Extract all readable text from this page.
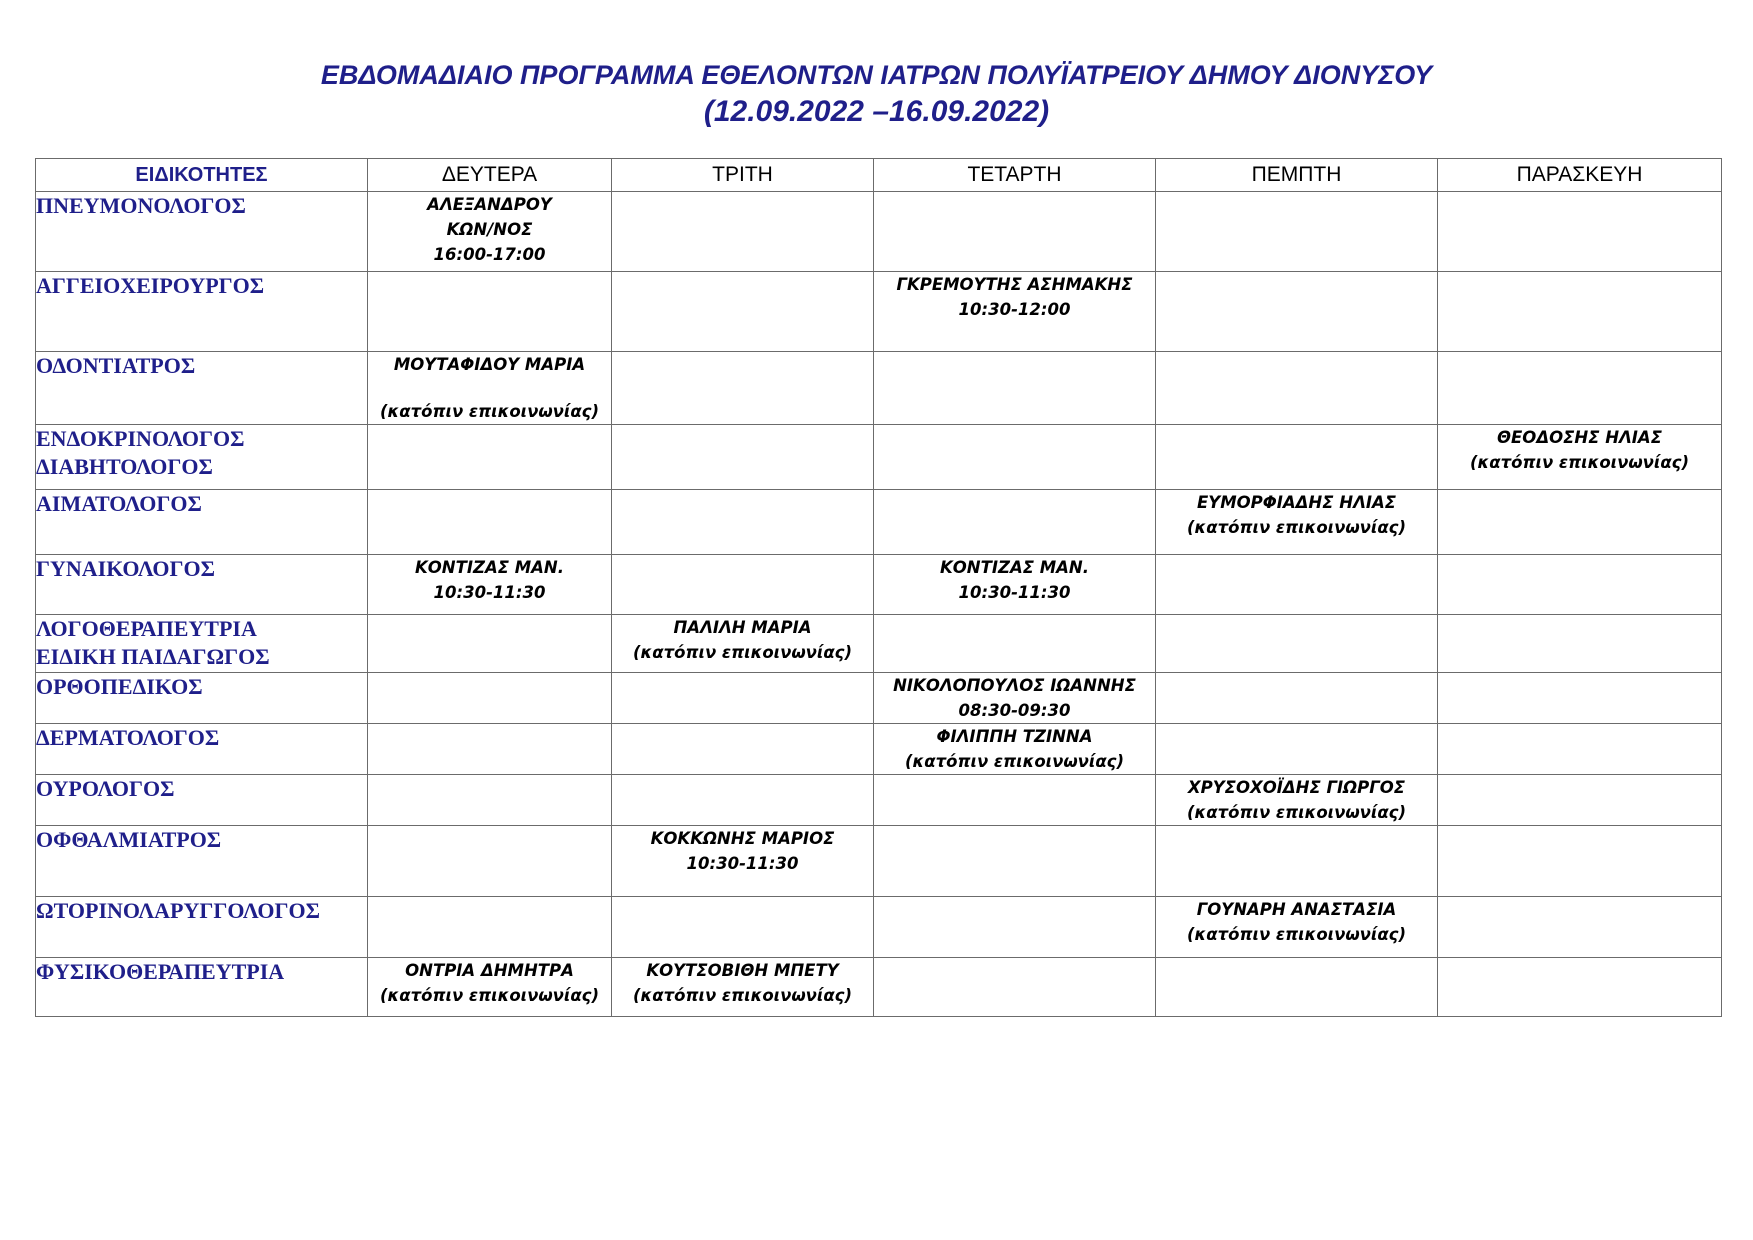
ΕΒΔΟΜΑΔΙΑΙΟ ΠΡΟΓΡΑΜΜΑ ΕΘΕΛΟΝΤΩΝ ΙΑΤΡΩΝ ΠΟΛΥΪΑΤΡΕΙΟΥ ΔΗΜΟΥ ΔΙΟΝΥΣΟΥ
(12.09.2022 –16.09.2022)
ΕΙΔΙΚΟΤΗΤΕΣ	ΔΕΥΤΕΡΑ	ΤΡΙΤΗ	ΤΕΤΑΡΤΗ	ΠΕΜΠΤΗ	ΠΑΡΑΣΚΕΥΗ

ΠΝΕΥΜΟΝΟΛΟΓΟΣ	ΑΛΕΞΑΝΔΡΟΥ
ΚΩΝ/ΝΟΣ
16:00-17:00				

ΑΓΓΕΙΟΧΕΙΡΟΥΡΓΟΣ			ΓΚΡΕΜΟΥΤΗΣ ΑΣΗΜΑΚΗΣ
10:30-12:00		

ΟΔΟΝΤΙΑΤΡΟΣ	ΜΟΥΤΑΦΙΔΟΥ ΜΑΡΙΑ
(κατόπιν επικοινωνίας)				

ΕΝΔΟΚΡΙΝΟΛΟΓΟΣ
ΔΙΑΒΗΤΟΛΟΓΟΣ					ΘΕΟΔΟΣΗΣ ΗΛΙΑΣ
(κατόπιν επικοινωνίας)

ΑΙΜΑΤΟΛΟΓΟΣ				ΕΥΜΟΡΦΙΑΔΗΣ ΗΛΙΑΣ
(κατόπιν επικοινωνίας)	

ΓΥΝΑΙΚΟΛΟΓΟΣ	ΚΟΝΤΙΖΑΣ ΜΑΝ.
10:30-11:30		ΚΟΝΤΙΖΑΣ ΜΑΝ.
10:30-11:30		

ΛΟΓΟΘΕΡΑΠΕΥΤΡΙΑ
ΕΙΔΙΚΗ ΠΑΙΔΑΓΩΓΟΣ		ΠΑΛΙΛΗ ΜΑΡΙΑ
(κατόπιν επικοινωνίας)			

ΟΡΘΟΠΕΔΙΚΟΣ			ΝΙΚΟΛΟΠΟΥΛΟΣ ΙΩΑΝΝΗΣ
08:30-09:30		

ΔΕΡΜΑΤΟΛΟΓΟΣ			ΦΙΛΙΠΠΗ ΤΖΙΝΝΑ
(κατόπιν επικοινωνίας)		

ΟΥΡΟΛΟΓΟΣ				ΧΡΥΣΟΧΟΪΔΗΣ ΓΙΩΡΓΟΣ
(κατόπιν επικοινωνίας)	

ΟΦΘΑΛΜΙΑΤΡΟΣ		ΚΟΚΚΩΝΗΣ ΜΑΡΙΟΣ
10:30-11:30			

ΩΤΟΡΙΝΟΛΑΡΥΓΓΟΛΟΓΟΣ				ΓΟΥΝΑΡΗ ΑΝΑΣΤΑΣΙΑ
(κατόπιν επικοινωνίας)	

ΦΥΣΙΚΟΘΕΡΑΠΕΥΤΡΙΑ	ΟΝΤΡΙΑ ΔΗΜΗΤΡΑ
(κατόπιν επικοινωνίας)	ΚΟΥΤΣΟΒΙΘΗ ΜΠΕΤΥ
(κατόπιν επικοινωνίας)			
